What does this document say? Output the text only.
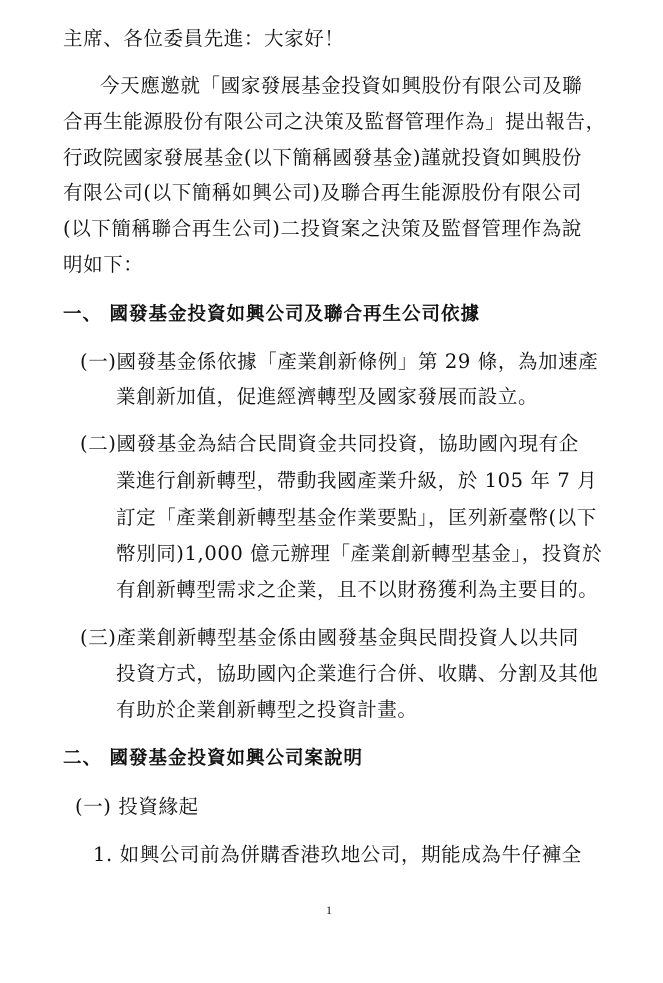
主席、各位委員先進：大家好！
今天應邀就「國家發展基金投資如興股份有限公司及聯
合再生能源股份有限公司之決策及監督管理作為」提出報告，
行政院國家發展基金(以下簡稱國發基金)謹就投資如興股份
有限公司(以下簡稱如興公司)及聯合再生能源股份有限公司
(以下簡稱聯合再生公司)二投資案之決策及監督管理作為說
明如下：
一、 國發基金投資如興公司及聯合再生公司依據
(一)國發基金係依據「產業創新條例」第 29 條，為加速產
業創新加值，促進經濟轉型及國家發展而設立。
(二)國發基金為結合民間資金共同投資，協助國內現有企
業進行創新轉型，帶動我國產業升級，於 105 年 7 月
訂定「產業創新轉型基金作業要點」，匡列新臺幣(以下
幣別同)1,000 億元辦理「產業創新轉型基金」，投資於
有創新轉型需求之企業，且不以財務獲利為主要目的。
(三)產業創新轉型基金係由國發基金與民間投資人以共同
投資方式，協助國內企業進行合併、收購、分割及其他
有助於企業創新轉型之投資計畫。
二、 國發基金投資如興公司案說明
(一) 投資緣起
1. 如興公司前為併購香港玖地公司，期能成為牛仔褲全
1
